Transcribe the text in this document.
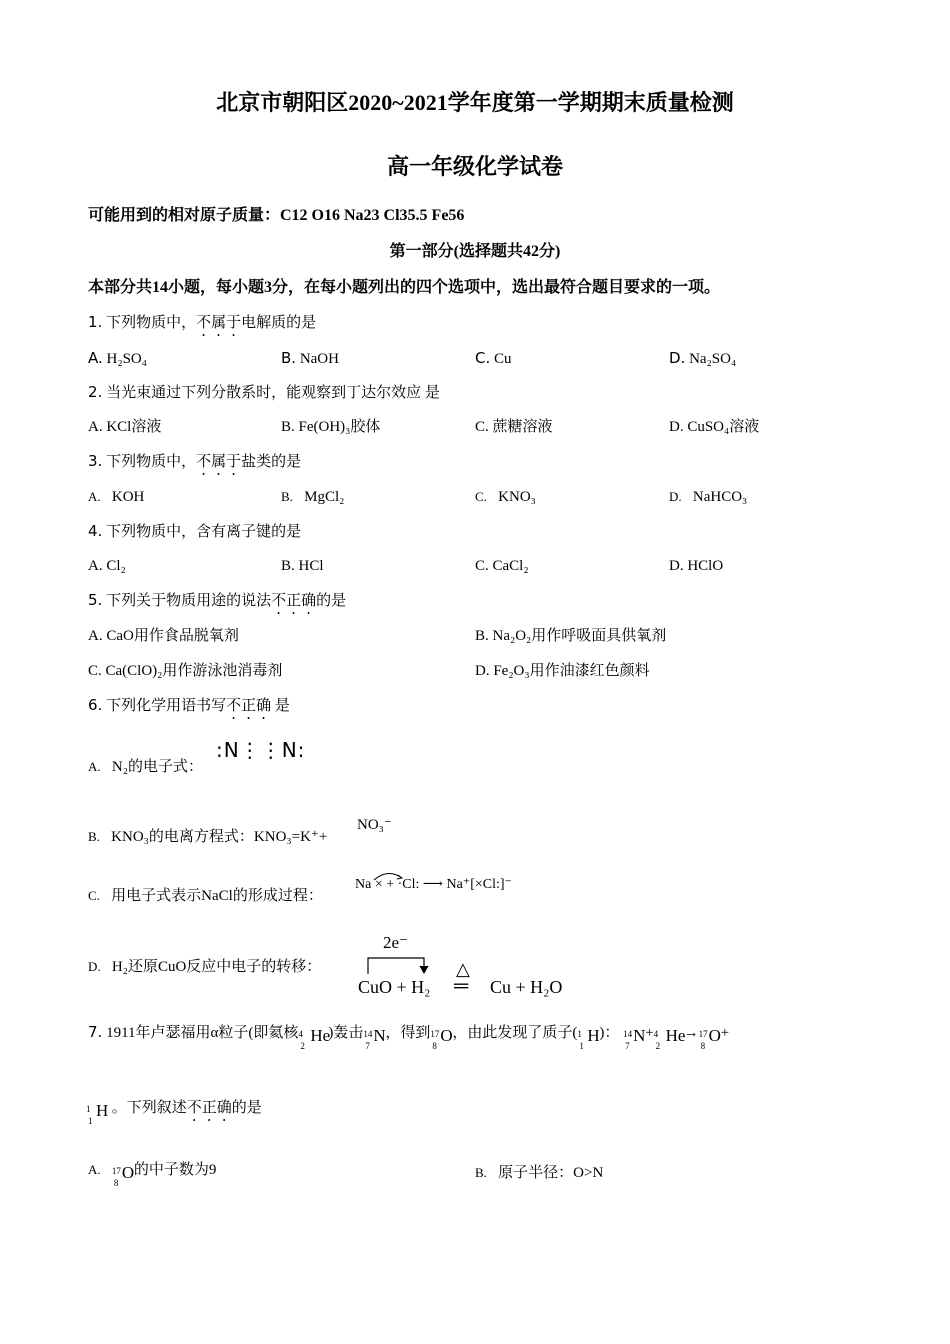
北京市朝阳区2020~2021学年度第一学期期末质量检测
高一年级化学试卷
可能用到的相对原子质量：C12 O16 Na23 Cl35.5 Fe56
第一部分(选择题共42分)
本部分共14小题，每小题3分，在每小题列出的四个选项中，选出最符合题目要求的一项。
1. 下列物质中，不属于电解质的是
A. H₂SO₄	B. NaOH	C. Cu	D. Na₂SO₄
2. 当光束通过下列分散系时，能观察到丁达尔效应 是
A. KCl溶液	B. Fe(OH)₃胶体	C. 蔗糖溶液	D. CuSO₄溶液
3. 下列物质中，不属于盐类的是
A. KOH	B. MgCl₂	C. KNO₃	D. NaHCO₃
4. 下列物质中，含有离子键的是
A. Cl₂	B. HCl	C. CaCl₂	D. HClO
5. 下列关于物质用途的说法不正确的是
A. CaO用作食品脱氧剂	B. Na₂O₂用作呼吸面具供氧剂
C. Ca(ClO)₂用作游泳池消毒剂	D. Fe₂O₃用作油漆红色颜料
6. 下列化学用语书写不正确 是
A. N₂的电子式：
:N⋮⋮N:
B. KNO₃的电离方程式：KNO₃=K⁺+
NO₃⁻
C. 用电子式表示NaCl的形成过程：
Na × + ·Cl: ⟶ Na⁺[×Cl:]⁻
D. H₂还原CuO反应中电子的转移：
2e⁻
CuO + H₂
△
═ Cu + H₂O
7. 1911年卢瑟福用α粒子(即氦核 4
2
He
)轰击 14
7
N ，得到 17
8
O ，由此发现了质子( 1
1
H )： 14
7
N + 4
2
He
→ 17
8
O +
1
1
H 。下列叙述不正确的是
A. 17
8
O 的中子数为9	B. 原子半径：O>N
